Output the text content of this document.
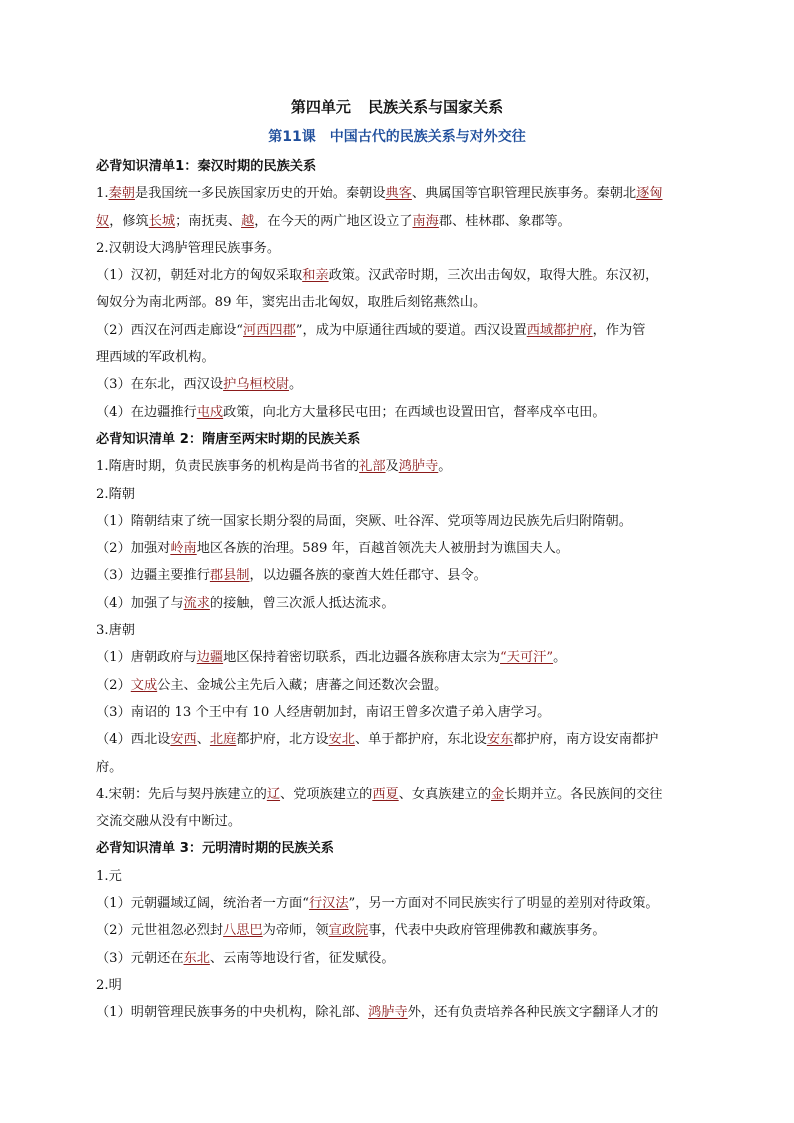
第四单元 民族关系与国家关系
第11课　中国古代的民族关系与对外交往
必背知识清单1：秦汉时期的民族关系
1.秦朝是我国统一多民族国家历史的开始。秦朝设典客、典属国等官职管理民族事务。秦朝北逐匈
奴，修筑长城；南抚夷、越，在今天的两广地区设立了南海郡、桂林郡、象郡等。
2.汉朝设大鸿胪管理民族事务。
（1）汉初，朝廷对北方的匈奴采取和亲政策。汉武帝时期，三次出击匈奴，取得大胜。东汉初，
匈奴分为南北两部。89 年，窦宪出击北匈奴，取胜后刻铭燕然山。
（2）西汉在河西走廊设“河西四郡”，成为中原通往西域的要道。西汉设置西域都护府，作为管
理西域的军政机构。
（3）在东北，西汉设护乌桓校尉。
（4）在边疆推行屯戍政策，向北方大量移民屯田；在西域也设置田官，督率戍卒屯田。
必背知识清单 2：隋唐至两宋时期的民族关系
1.隋唐时期，负责民族事务的机构是尚书省的礼部及鸿胪寺。
2.隋朝
（1）隋朝结束了统一国家长期分裂的局面，突厥、吐谷浑、党项等周边民族先后归附隋朝。
（2）加强对岭南地区各族的治理。589 年，百越首领冼夫人被册封为谯国夫人。
（3）边疆主要推行郡县制，以边疆各族的豪酋大姓任郡守、县令。
（4）加强了与流求的接触，曾三次派人抵达流求。
3.唐朝
（1）唐朝政府与边疆地区保持着密切联系，西北边疆各族称唐太宗为“天可汗”。
（2）文成公主、金城公主先后入藏；唐蕃之间还数次会盟。
（3）南诏的 13 个王中有 10 人经唐朝加封，南诏王曾多次遣子弟入唐学习。
（4）西北设安西、北庭都护府，北方设安北、单于都护府，东北设安东都护府，南方设安南都护
府。
4.宋朝：先后与契丹族建立的辽、党项族建立的西夏、女真族建立的金长期并立。各民族间的交往
交流交融从没有中断过。
必背知识清单 3：元明清时期的民族关系
1.元
（1）元朝疆域辽阔，统治者一方面“行汉法”，另一方面对不同民族实行了明显的差别对待政策。
（2）元世祖忽必烈封八思巴为帝师，领宣政院事，代表中央政府管理佛教和藏族事务。
（3）元朝还在东北、云南等地设行省，征发赋役。
2.明
（1）明朝管理民族事务的中央机构，除礼部、鸿胪寺外，还有负责培养各种民族文字翻译人才的
